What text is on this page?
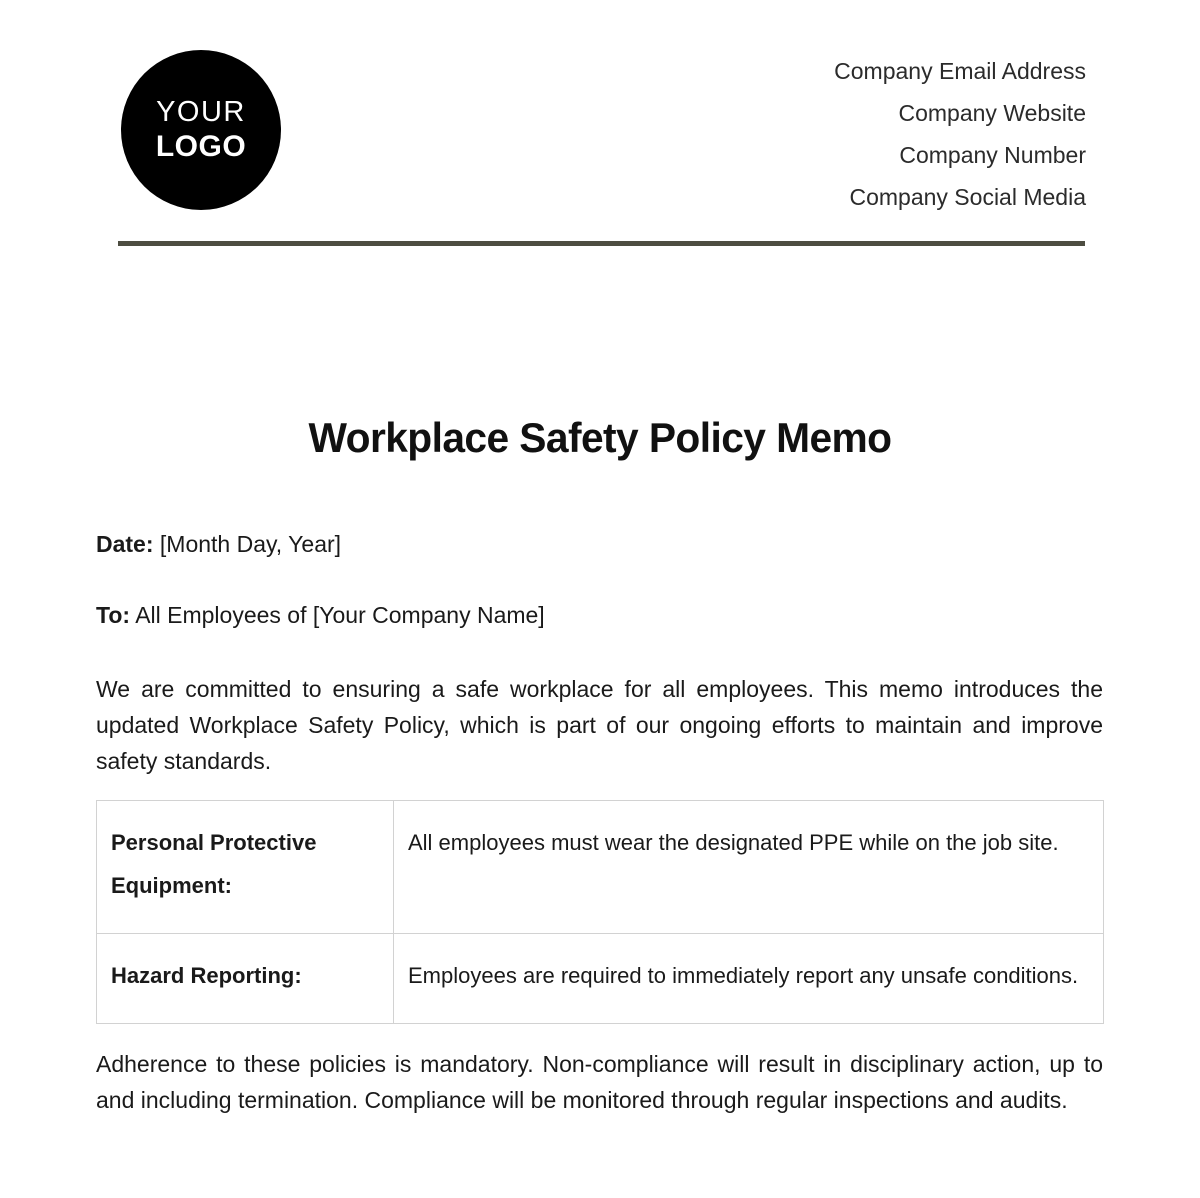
YOUR
LOGO
Company Email Address
Company Website
Company Number
Company Social Media
Workplace Safety Policy Memo
Date: [Month Day, Year]
To: All Employees of [Your Company Name]

We are committed to ensuring a safe workplace for all employees. This memo introduces the updated Workplace Safety Policy, which is part of our ongoing efforts to maintain and improve safety standards.

Personal Protective Equipment:	All employees must wear the designated PPE while on the job site.
Hazard Reporting:	Employees are required to immediately report any unsafe conditions.

Adherence to these policies is mandatory. Non-compliance will result in disciplinary action, up to and including termination. Compliance will be monitored through regular inspections and audits.
